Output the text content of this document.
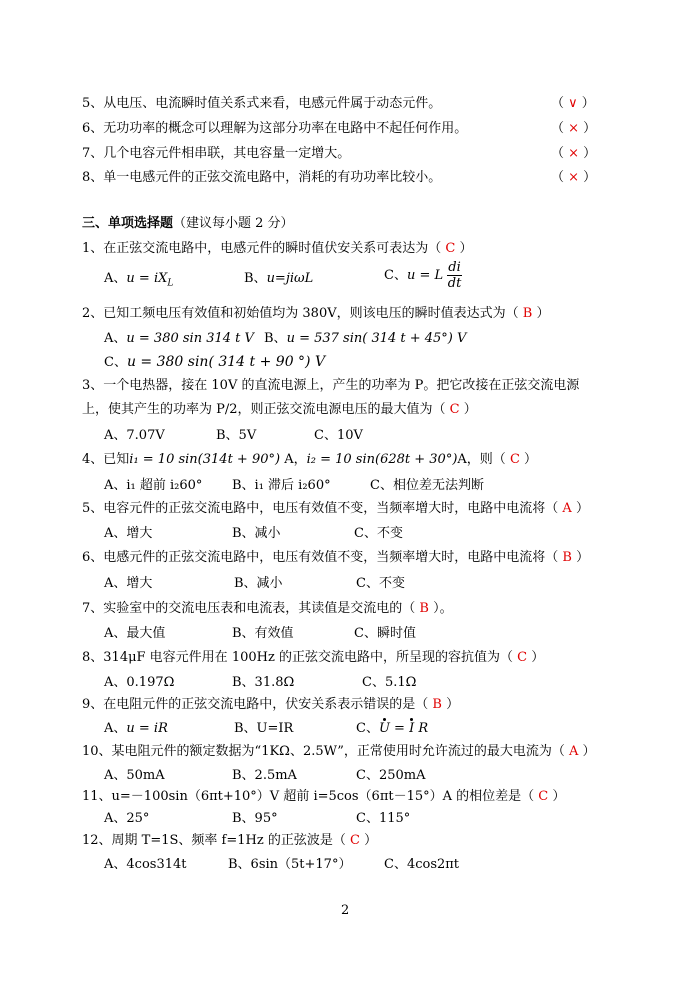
5、从电压、电流瞬时值关系式来看，电感元件属于动态元件。	（ ∨ ）
6、无功功率的概念可以理解为这部分功率在电路中不起任何作用。	（ × ）
7、几个电容元件相串联，其电容量一定增大。	（ × ）
8、单一电感元件的正弦交流电路中，消耗的有功功率比较小。	（ × ）
三、单项选择题（建议每小题 2 分）
1、在正弦交流电路中，电感元件的瞬时值伏安关系可表达为（ C ）
A、$u = iX_L$	B、u=jiωL	C、u = L $\frac{di}{dt}$
2、已知工频电压有效值和初始值均为 380V，则该电压的瞬时值表达式为（ B ）
A、u = 380 sin 314 t V B、u = 537 sin( 314 t + 45°) V
C、u = 380 sin( 314 t + 90 °) V
3、一个电热器，接在 10V 的直流电源上，产生的功率为 P。把它改接在正弦交流电源
上，使其产生的功率为 P/2，则正弦交流电源电压的最大值为（ C ）
A、7.07V	B、5V	C、10V
4、已知i₁ = 10 sin(314t + 90°) A，i₂ = 10 sin(628t + 30°)A，则（ C ）
A、i₁ 超前 i₂60° B、i₁ 滞后 i₂60°	C、相位差无法判断
5、电容元件的正弦交流电路中，电压有效值不变，当频率增大时，电路中电流将（ A ）
A、增大	B、减小	C、不变
6、电感元件的正弦交流电路中，电压有效值不变，当频率增大时，电路中电流将（ B ）
A、增大	B、减小	C、不变
7、实验室中的交流电压表和电流表，其读值是交流电的（ B ）。
A、最大值	B、有效值	C、瞬时值
8、314μF 电容元件用在 100Hz 的正弦交流电路中，所呈现的容抗值为（ C ）
A、0.197Ω	B、31.8Ω	C、5.1Ω
9、在电阻元件的正弦交流电路中，伏安关系表示错误的是（ B ）
A、u = iR	B、U=IR	C、U = I R
10、某电阻元件的额定数据为“1KΩ、2.5W”，正常使用时允许流过的最大电流为（ A ）
A、50mA	B、2.5mA	C、250mA
11、u=－100sin（6πt+10°）V 超前 i=5cos（6πt－15°）A 的相位差是（ C ）
A、25°	B、95°	C、115°
12、周期 T=1S、频率 f=1Hz 的正弦波是（ C ）
A、4cos314t	B、6sin（5t+17°）	C、4cos2πt
2
